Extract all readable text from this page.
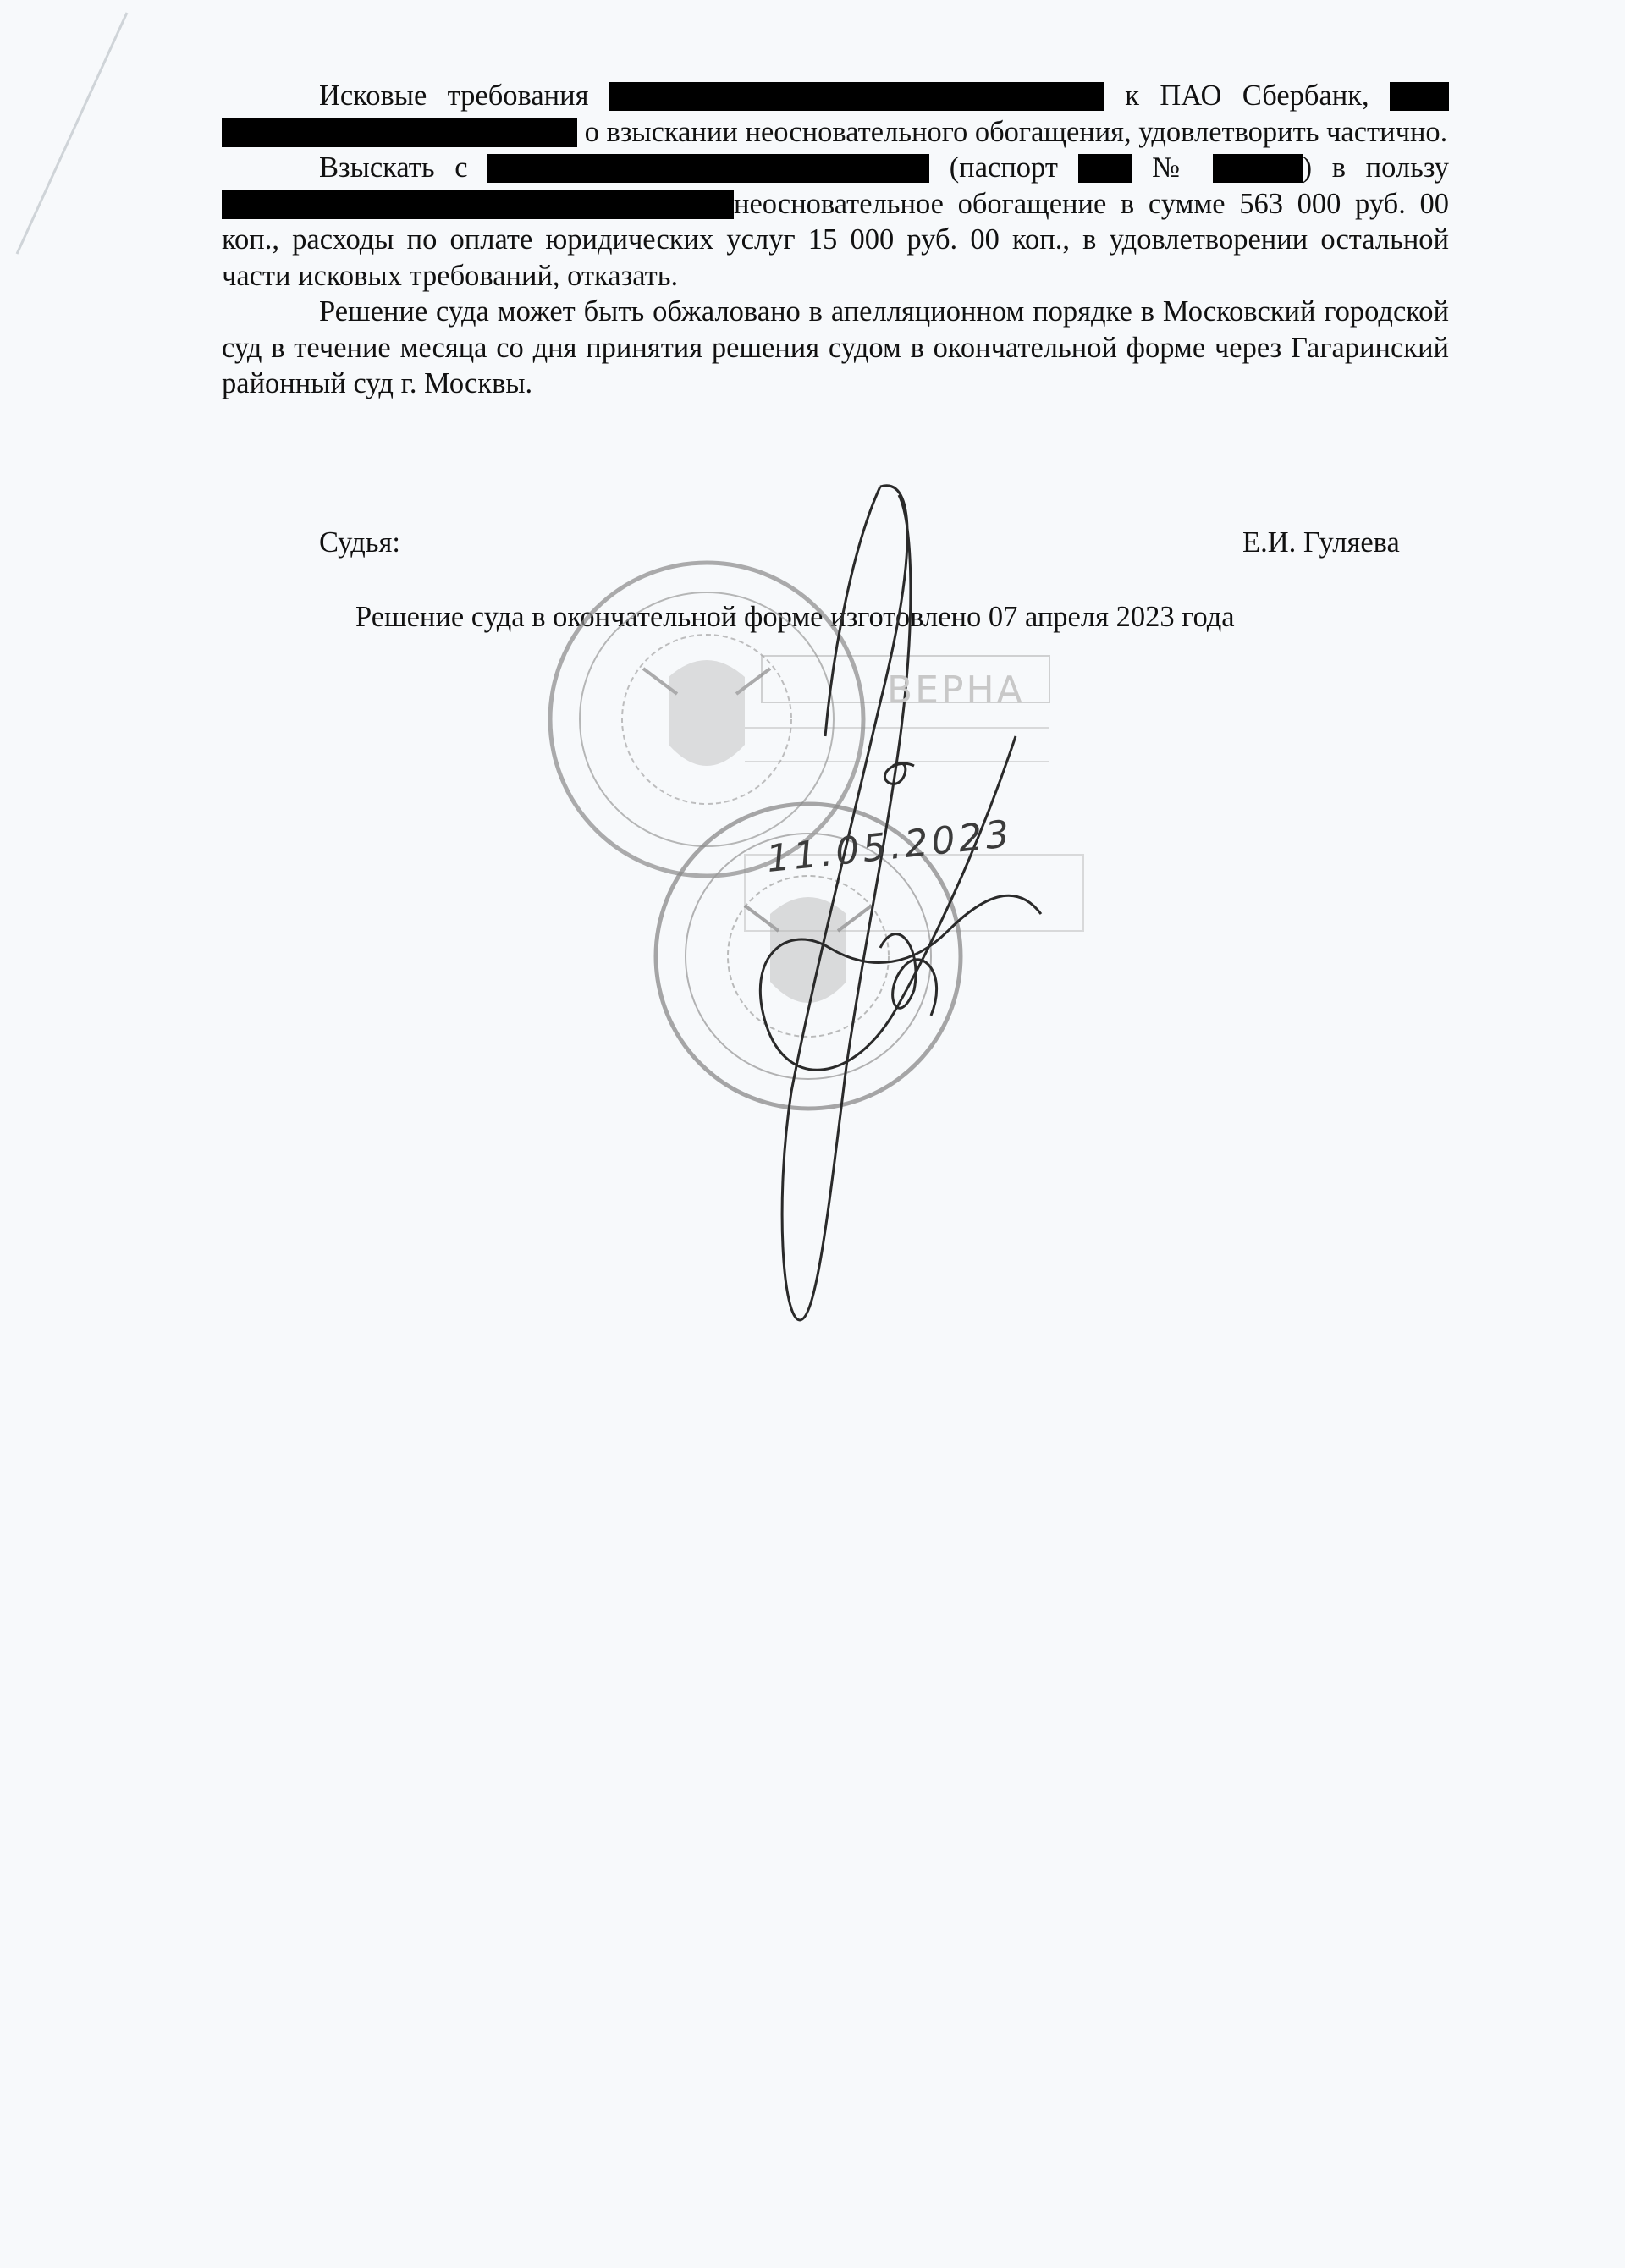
Исковые требования	к ПАО Сбербанк,   о взыскании неосновательного обогащения, удовлетворить частично.

Взыскать с	(паспорт	№	) в пользу неосновательное обогащение в сумме 563 000 руб. 00 коп., расходы по оплате юридических услуг 15 000 руб. 00 коп., в удовлетворении остальной части исковых требований, отказать.

Решение суда может быть обжаловано в апелляционном порядке в Московский городской суд в течение месяца со дня принятия решения судом в окончательной форме через Гагаринский районный суд г. Москвы.

Судья:	Е.И. Гуляева
Решение суда в окончательной форме изготовлено 07 апреля 2023 года
ВЕРНА
11.05.2023
